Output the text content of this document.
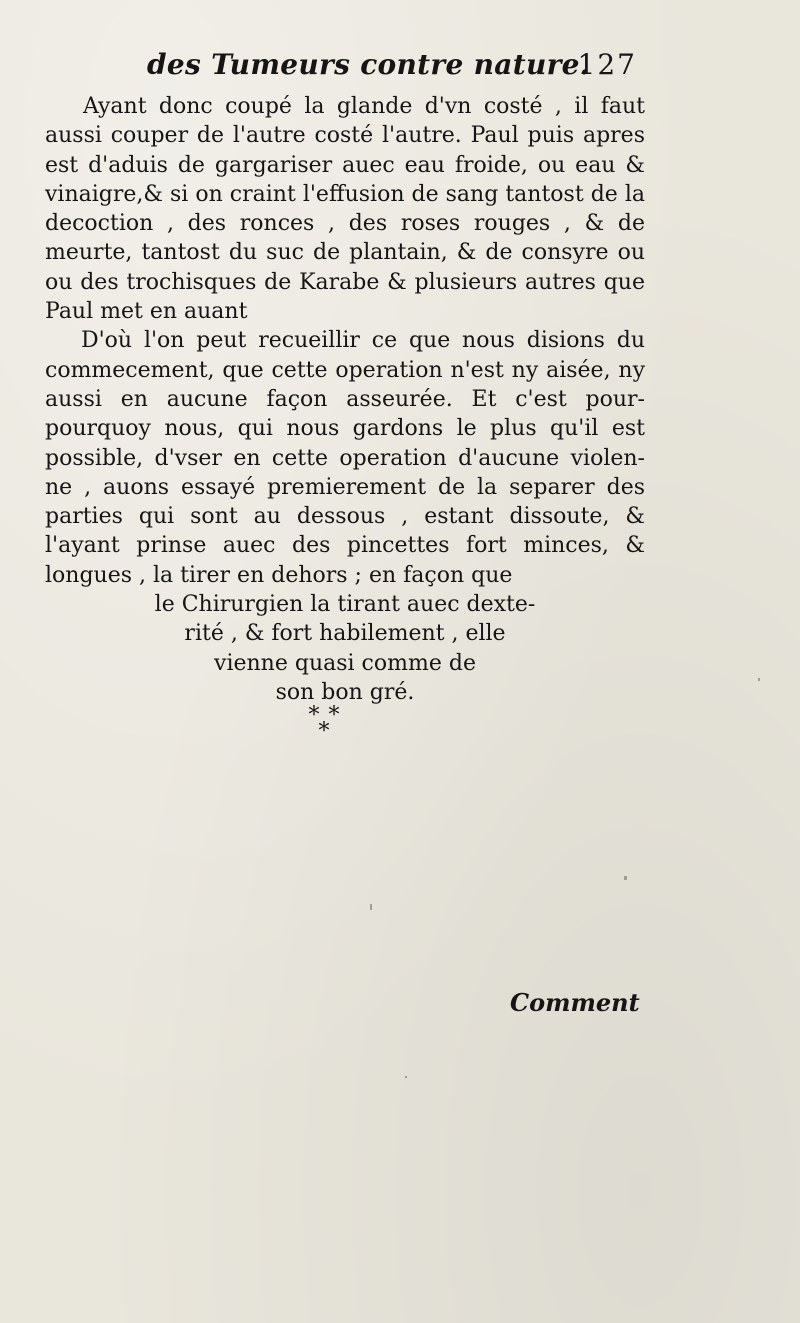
des Tumeurs contre nature.
127

Ayant donc coupé la glande d'vn costé , il faut aussi couper de l'autre costé l'autre. Paul puis apres est d'aduis de gargariser auec eau froide, ou eau & vinaigre,& si on craint l'effusion de sang tantost de la decoction , des ronces , des roses rouges , & de meurte, tantost du suc de plantain, & de consyre ou ou des trochisques de Karabe & plusieurs autres que Paul met en auant

D'où l'on peut recueillir ce que nous disions du commecement, que cette operation n'est ny aisée, ny aussi en aucune façon asseurée. Et c'est pour-pourquoy nous, qui nous gardons le plus qu'il est possible, d'vser en cette operation d'aucune violen-ne , auons essayé premierement de la separer des parties qui sont au dessous , estant dissoute, & l'ayant prinse auec des pincettes fort minces, & longues , la tirer en dehors ; en façon que

le Chirurgien la tirant auec dexte-

rité , & fort habilement , elle

vienne quasi comme de

son bon gré.

* *
*
Comment
